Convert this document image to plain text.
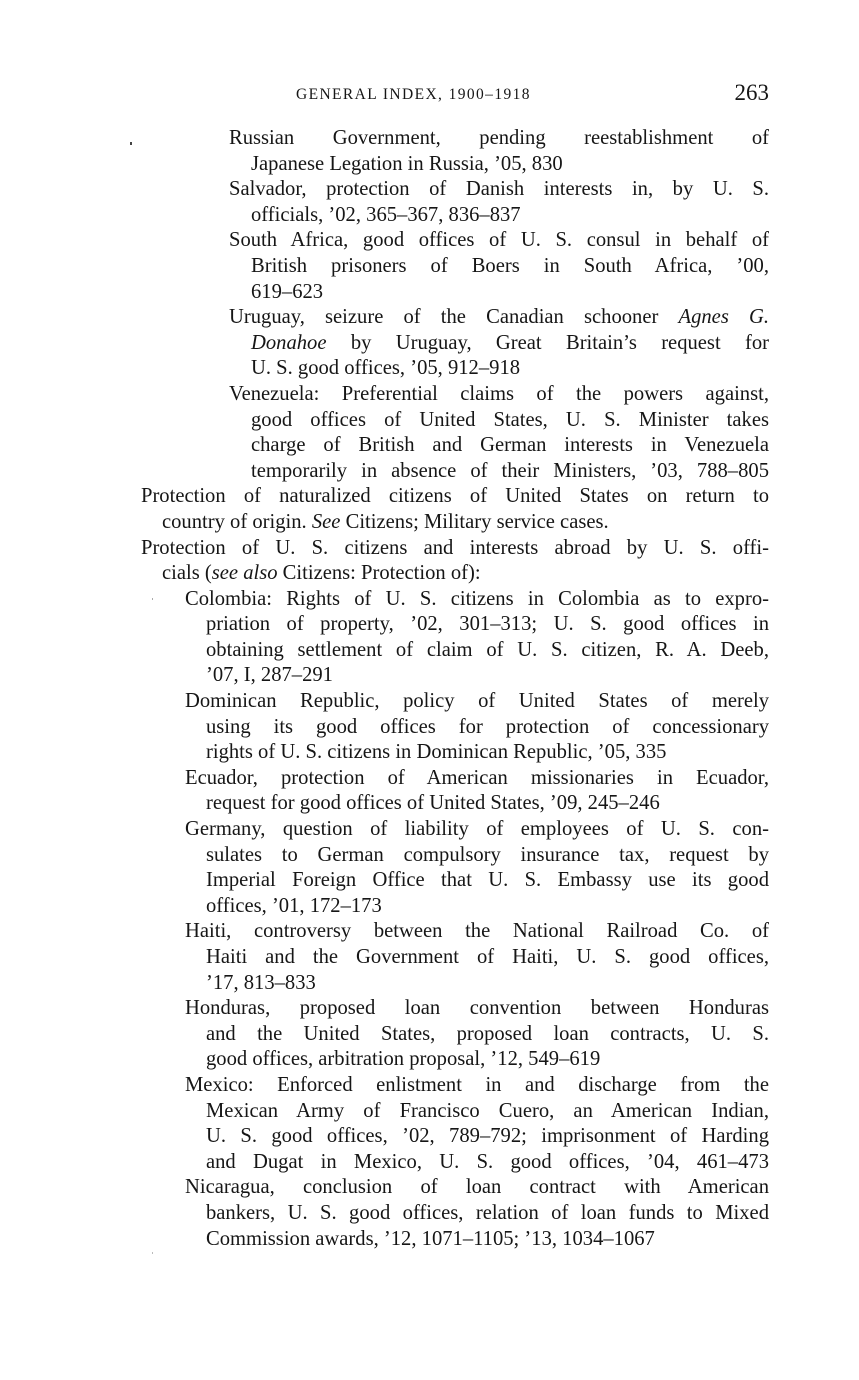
GENERAL INDEX, 1900–1918	263
Russian Government, pending reestablishment of
Japanese Legation in Russia, ’05, 830
Salvador, protection of Danish interests in, by U. S.
officials, ’02, 365–367, 836–837
South Africa, good offices of U. S. consul in behalf of
British prisoners of Boers in South Africa, ’00,
619–623
Uruguay, seizure of the Canadian schooner Agnes G.
Donahoe by Uruguay, Great Britain’s request for
U. S. good offices, ’05, 912–918
Venezuela: Preferential claims of the powers against,
good offices of United States, U. S. Minister takes
charge of British and German interests in Venezuela
temporarily in absence of their Ministers, ’03, 788–805
Protection of naturalized citizens of United States on return to
country of origin. See Citizens; Military service cases.
Protection of U. S. citizens and interests abroad by U. S. offi-
cials (see also Citizens: Protection of):
Colombia: Rights of U. S. citizens in Colombia as to expro-
priation of property, ’02, 301–313; U. S. good offices in
obtaining settlement of claim of U. S. citizen, R. A. Deeb,
’07, I, 287–291
Dominican Republic, policy of United States of merely
using its good offices for protection of concessionary
rights of U. S. citizens in Dominican Republic, ’05, 335
Ecuador, protection of American missionaries in Ecuador,
request for good offices of United States, ’09, 245–246
Germany, question of liability of employees of U. S. con-
sulates to German compulsory insurance tax, request by
Imperial Foreign Office that U. S. Embassy use its good
offices, ’01, 172–173
Haiti, controversy between the National Railroad Co. of
Haiti and the Government of Haiti, U. S. good offices,
’17, 813–833
Honduras, proposed loan convention between Honduras
and the United States, proposed loan contracts, U. S.
good offices, arbitration proposal, ’12, 549–619
Mexico: Enforced enlistment in and discharge from the
Mexican Army of Francisco Cuero, an American Indian,
U. S. good offices, ’02, 789–792; imprisonment of Harding
and Dugat in Mexico, U. S. good offices, ’04, 461–473
Nicaragua, conclusion of loan contract with American
bankers, U. S. good offices, relation of loan funds to Mixed
Commission awards, ’12, 1071–1105; ’13, 1034–1067
